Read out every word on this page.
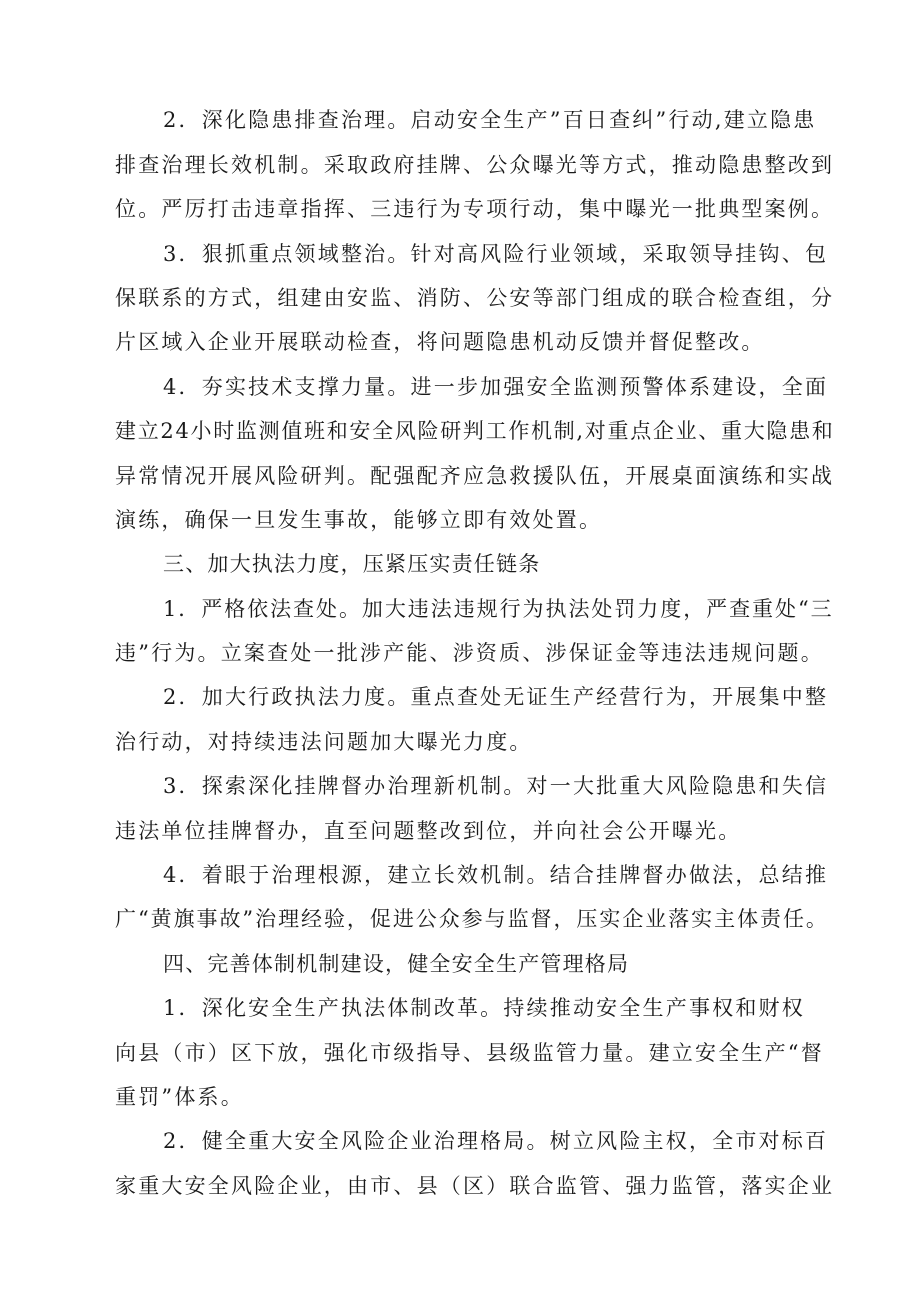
2．深化隐患排查治理。启动安全生产”百日查纠”行动,建立隐患
排查治理长效机制。采取政府挂牌、公众曝光等方式，推动隐患整改到
位。严厉打击违章指挥、三违行为专项行动，集中曝光一批典型案例。
3．狠抓重点领域整治。针对高风险行业领域，采取领导挂钩、包
保联系的方式，组建由安监、消防、公安等部门组成的联合检查组，分
片区域入企业开展联动检查，将问题隐患机动反馈并督促整改。
4．夯实技术支撑力量。进一步加强安全监测预警体系建设，全面
建立24小时监测值班和安全风险研判工作机制,对重点企业、重大隐患和
异常情况开展风险研判。配强配齐应急救援队伍，开展桌面演练和实战
演练，确保一旦发生事故，能够立即有效处置。
三、加大执法力度，压紧压实责任链条
1．严格依法查处。加大违法违规行为执法处罚力度，严查重处“三
违”行为。立案查处一批涉产能、涉资质、涉保证金等违法违规问题。
2．加大行政执法力度。重点查处无证生产经营行为，开展集中整
治行动，对持续违法问题加大曝光力度。
3．探索深化挂牌督办治理新机制。对一大批重大风险隐患和失信
违法单位挂牌督办，直至问题整改到位，并向社会公开曝光。
4．着眼于治理根源，建立长效机制。结合挂牌督办做法，总结推
广“黄旗事故”治理经验，促进公众参与监督，压实企业落实主体责任。
四、完善体制机制建设，健全安全生产管理格局
1．深化安全生产执法体制改革。持续推动安全生产事权和财权
向县（市）区下放，强化市级指导、县级监管力量。建立安全生产“督
重罚”体系。
2．健全重大安全风险企业治理格局。树立风险主权，全市对标百
家重大安全风险企业，由市、县（区）联合监管、强力监管，落实企业
